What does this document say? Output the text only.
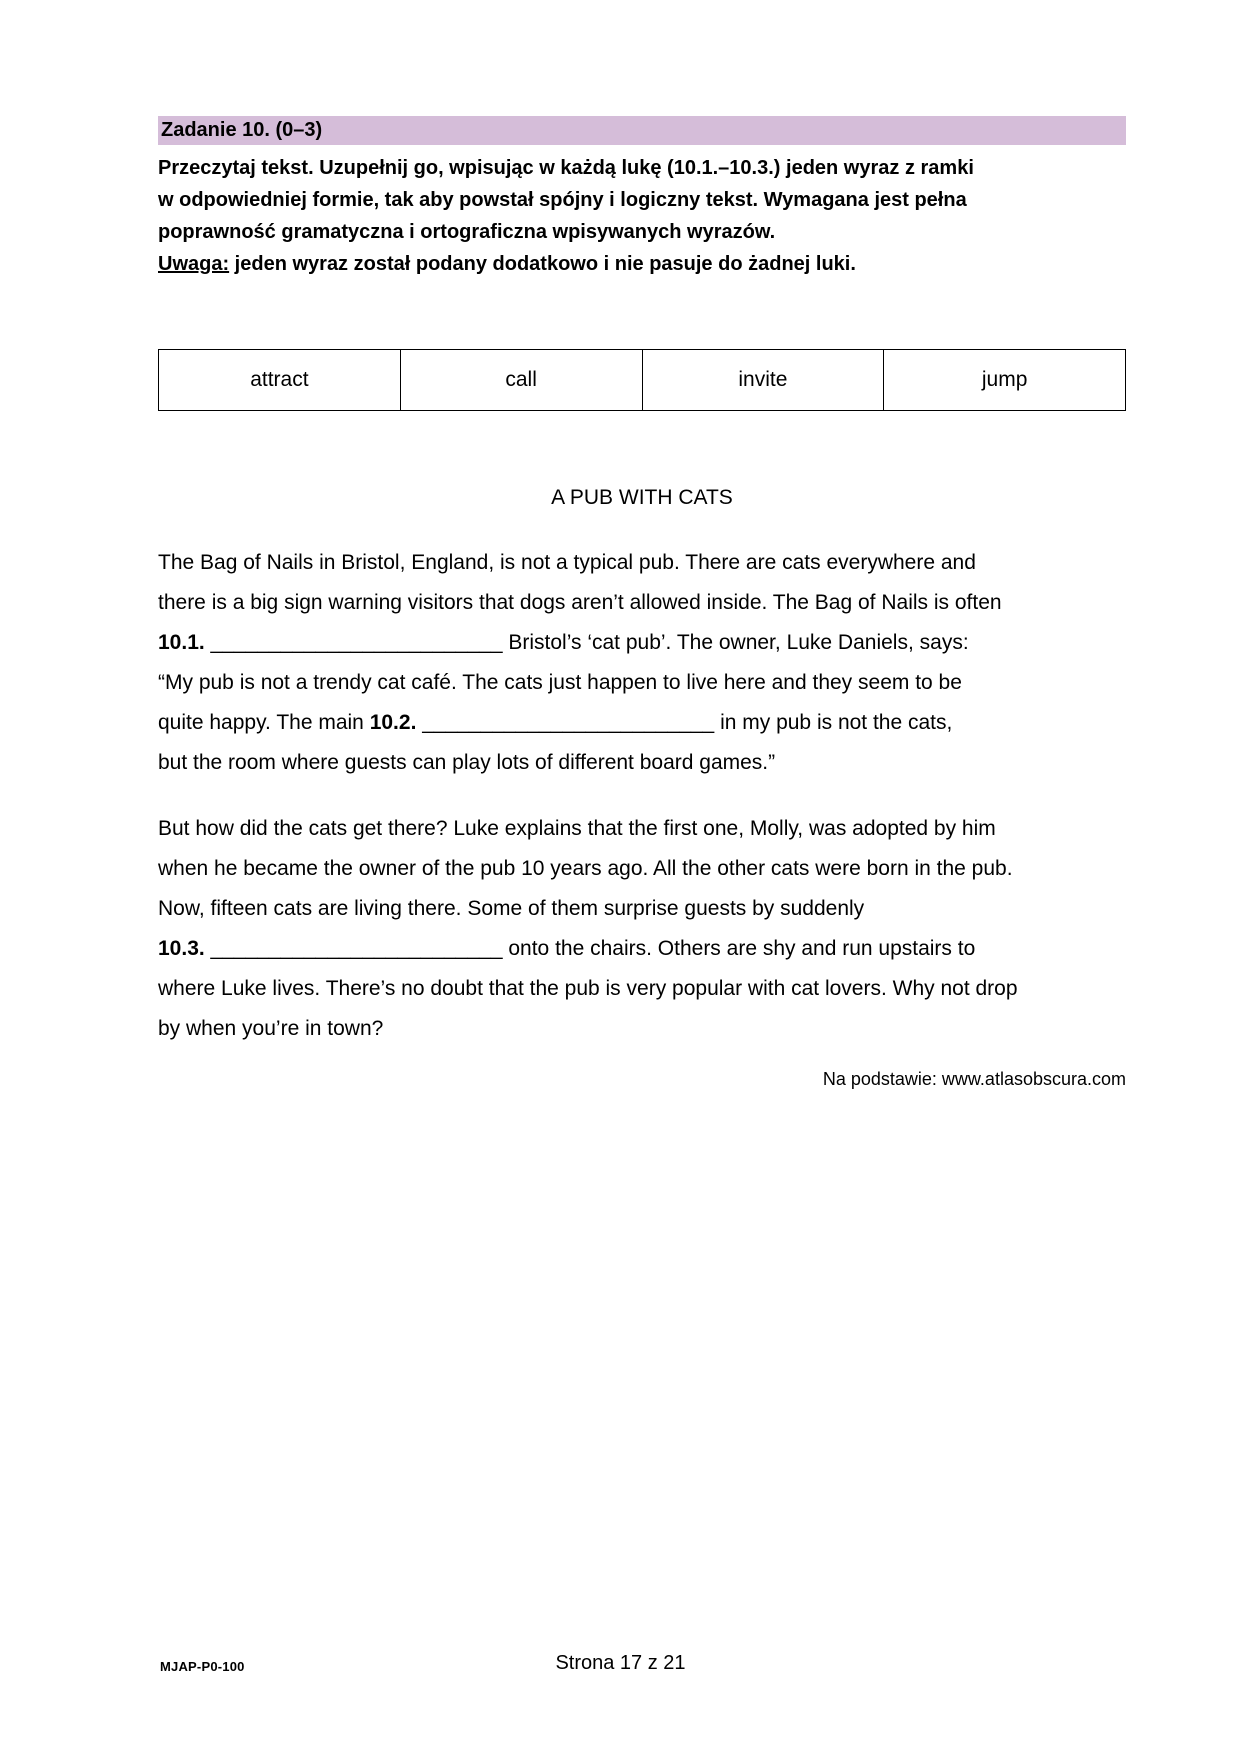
Zadanie 10. (0–3)
Przeczytaj tekst. Uzupełnij go, wpisując w każdą lukę (10.1.–10.3.) jeden wyraz z ramki
w odpowiedniej formie, tak aby powstał spójny i logiczny tekst. Wymagana jest pełna
poprawność gramatyczna i ortograficzna wpisywanych wyrazów.
Uwaga: jeden wyraz został podany dodatkowo i nie pasuje do żadnej luki.
attract	call	invite	jump
A PUB WITH CATS
The Bag of Nails in Bristol, England, is not a typical pub. There are cats everywhere and
there is a big sign warning visitors that dogs aren’t allowed inside. The Bag of Nails is often
10.1. _________________________ Bristol’s ‘cat pub’. The owner, Luke Daniels, says:
“My pub is not a trendy cat café. The cats just happen to live here and they seem to be
quite happy. The main 10.2. _________________________ in my pub is not the cats,
but the room where guests can play lots of different board games.”
But how did the cats get there? Luke explains that the first one, Molly, was adopted by him
when he became the owner of the pub 10 years ago. All the other cats were born in the pub.
Now, fifteen cats are living there. Some of them surprise guests by suddenly
10.3. _________________________ onto the chairs. Others are shy and run upstairs to
where Luke lives. There’s no doubt that the pub is very popular with cat lovers. Why not drop
by when you’re in town?
Na podstawie: www.atlasobscura.com
MJAP-P0-100	Strona 17 z 21
